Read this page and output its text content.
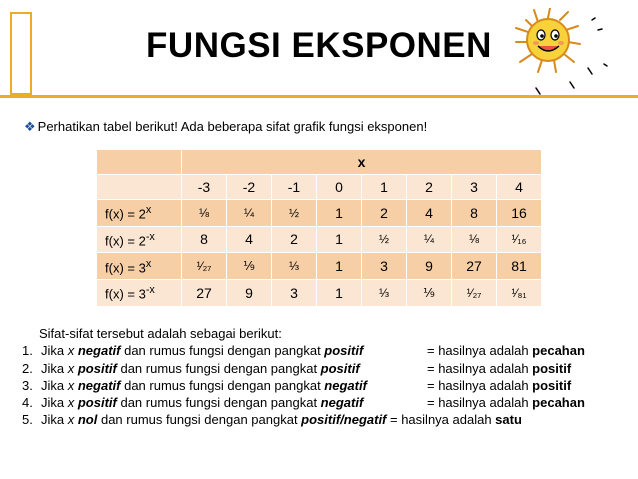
FUNGSI EKSPONEN
❖ Perhatikan tabel berikut! Ada beberapa sifat grafik fungsi eksponen!
	x							
	-3	-2	-1	0	1	2	3	4
$f(x) = 2^x$	⅛	¼	½	1	2	4	8	16
$f(x) = 2^{-x}$	8	4	2	1	½	¼	⅛	¹⁄₁₆
$f(x) = 3^x$	¹⁄₂₇	⅑	⅓	1	3	9	27	81
$f(x) = 3^{-x}$	27	9	3	1	⅓	⅑	¹⁄₂₇	¹⁄₈₁
Sifat-sifat tersebut adalah sebagai berikut:
1. Jika x negatif dan rumus fungsi dengan pangkat positif	= hasilnya adalah pecahan
2. Jika x positif dan rumus fungsi dengan pangkat positif	= hasilnya adalah positif
3. Jika x negatif dan rumus fungsi dengan pangkat negatif	= hasilnya adalah positif
4. Jika x positif dan rumus fungsi dengan pangkat negatif	= hasilnya adalah pecahan
5. Jika x nol dan rumus fungsi dengan pangkat positif/negatif = hasilnya adalah satu
